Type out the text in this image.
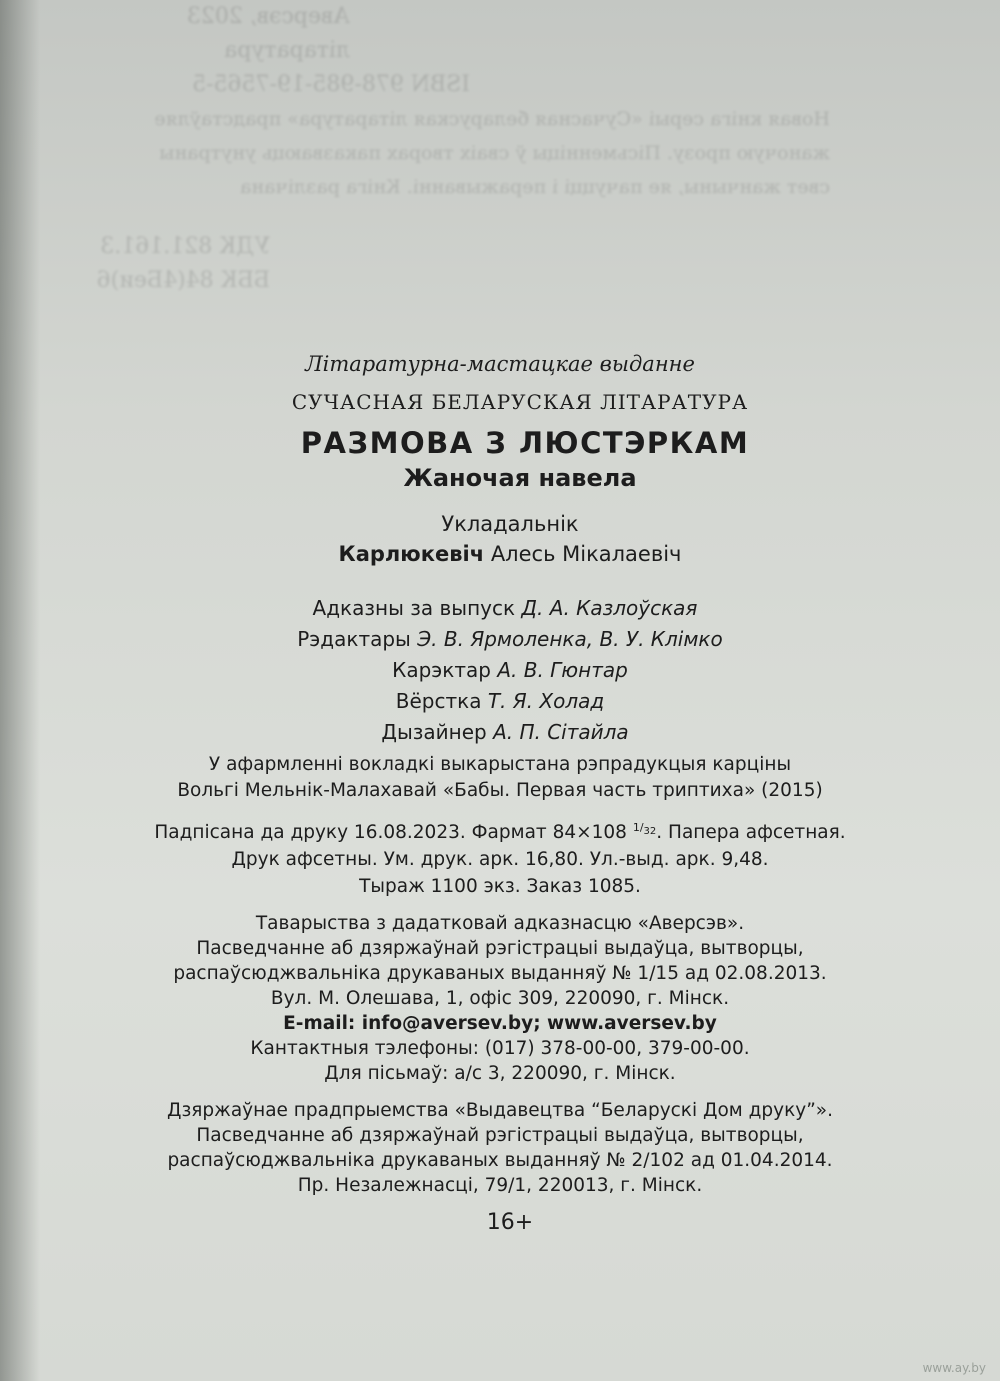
Аверсэв, 2023
літаратура
ISBN 978-985-19-7565-5
Новая кніга серыі «Сучасная беларуская літаратура» прадстаўляе
жаночую прозу. Пісьменніцы ў сваіх творах паказваюць унутраны
свет жанчыны, яе пачуцці і перажыванні. Кніга разлічана
УДК 821.161.3
ББК 84(4Беи)6
Літаратурна-мастацкае выданне
СУЧАСНАЯ БЕЛАРУСКАЯ ЛІТАРАТУРА
РАЗМОВА З ЛЮСТЭРКАМ
Жаночая навела
Укладальнік
Карлюкевіч Алесь Мікалаевіч
Адказны за выпуск Д. А. Казлоўская
Рэдактары Э. В. Ярмоленка, В. У. Клімко
Карэктар А. В. Гюнтар
Вёрстка Т. Я. Холад
Дызайнер А. П. Сітайла
У афармленні вокладкі выкарыстана рэпрадукцыя карціны
Вольгі Мельнік-Малахавай «Бабы. Первая часть триптиха» (2015)
Падпісана да друку 16.08.2023. Фармат 84×108 $^{1/_{32}}$. Папера афсетная.
Друк афсетны. Ум. друк. арк. 16,80. Ул.-выд. арк. 9,48.
Тыраж 1100 экз. Заказ 1085.
Таварыства з дадатковай адказнасцю «Аверсэв».
Пасведчанне аб дзяржаўнай рэгістрацыі выдаўца, вытворцы,
распаўсюджвальніка друкаваных выданняў № 1/15 ад 02.08.2013.
Вул. М. Олешава, 1, офіс 309, 220090, г. Мінск.
E-mail: info@aversev.by; www.aversev.by
Кантактныя тэлефоны: (017) 378-00-00, 379-00-00.
Для пісьмаў: а/с 3, 220090, г. Мінск.
Дзяржаўнае прадпрыемства «Выдавецтва “Беларускі Дом друку”».
Пасведчанне аб дзяржаўнай рэгістрацыі выдаўца, вытворцы,
распаўсюджвальніка друкаваных выданняў № 2/102 ад 01.04.2014.
Пр. Незалежнасці, 79/1, 220013, г. Мінск.
16+
www.ay.by
